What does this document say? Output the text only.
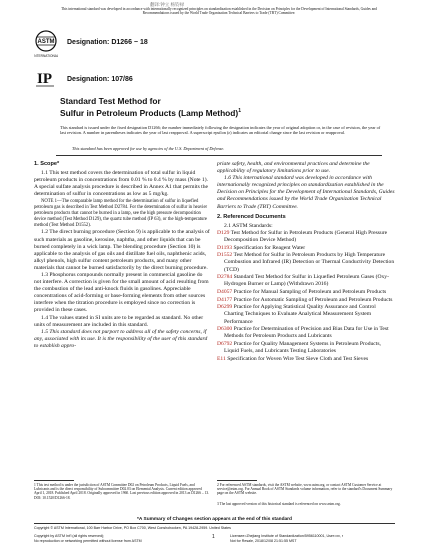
翻译:钟立 杨钧禄
This international standard was developed in accordance with internationally recognized principles on standardization established in the Decision on Principles for the Development of International Standards, Guides and Recommendations issued by the World Trade Organization Technical Barriers to Trade (TBT) Committee.
ASTM
INTERNATIONAL
Designation: D1266 − 18
IP Designation: 107/86
Standard Test Method for
Sulfur in Petroleum Products (Lamp Method)$^1$
This standard is issued under the fixed designation D1266; the number immediately following the designation indicates the year of original adoption or, in the case of revision, the year of last revision. A number in parentheses indicates the year of last reapproval. A superscript epsilon (ε) indicates an editorial change since the last revision or reapproval.
This standard has been approved for use by agencies of the U.S. Department of Defense.
1. Scope*

1.1 This test method covers the determination of total sulfur in liquid petroleum products in concentrations from 0.01 % to 0.4 % by mass (Note 1). A special sulfate analysis procedure is described in Annex A1 that permits the determination of sulfur in concentrations as low as 5 mg/kg.

NOTE 1—The comparable lamp method for the determination of sulfur in liquefied petroleum gas is described in Test Method D2784. For the determination of sulfur in heavier petroleum products that cannot be burned in a lamp, see the high pressure decomposition device method (Test Method D129), the quartz tube method (IP 63), or the high-temperature method (Test Method D1552).

1.2 The direct burning procedure (Section 9) is applicable to the analysis of such materials as gasoline, kerosine, naphtha, and other liquids that can be burned completely in a wick lamp. The blending procedure (Section 10) is applicable to the analysis of gas oils and distillate fuel oils, naphthenic acids, alkyl phenols, high sulfur content petroleum products, and many other materials that cannot be burned satisfactorily by the direct burning procedure.

1.3 Phosphorus compounds normally present in commercial gasoline do not interfere. A correction is given for the small amount of acid resulting from the combustion of the lead anti-knock fluids in gasolines. Appreciable concentrations of acid-forming or base-forming elements from other sources interfere when the titration procedure is employed since no correction is provided in these cases.

1.4 The values stated in SI units are to be regarded as standard. No other units of measurement are included in this standard.

1.5 This standard does not purport to address all of the safety concerns, if any, associated with its use. It is the responsibility of the user of this standard to establish appro-

priate safety, health, and environmental practices and determine the applicability of regulatory limitations prior to use.

1.6 This international standard was developed in accordance with internationally recognized principles on standardization established in the Decision on Principles for the Development of International Standards, Guides and Recommendations issued by the World Trade Organization Technical Barriers to Trade (TBT) Committee.

2. Referenced Documents

2.1 ASTM Standards:

D129 Test Method for Sulfur in Petroleum Products (General High Pressure Decomposition Device Method)

D1193 Specification for Reagent Water

D1552 Test Method for Sulfur in Petroleum Products by High Temperature Combustion and Infrared (IR) Detection or Thermal Conductivity Detection (TCD)

D2784 Standard Test Method for Sulfur in Liquefied Petroleum Gases (Oxy-Hydrogen Burner or Lamp) (Withdrawn 2016)

D4057 Practice for Manual Sampling of Petroleum and Petroleum Products

D4177 Practice for Automatic Sampling of Petroleum and Petroleum Products

D6299 Practice for Applying Statistical Quality Assurance and Control Charting Techniques to Evaluate Analytical Measurement System Performance

D6300 Practice for Determination of Precision and Bias Data for Use in Test Methods for Petroleum Products and Lubricants

D6792 Practice for Quality Management Systems in Petroleum Products, Liquid Fuels, and Lubricants Testing Laboratories

E11 Specification for Woven Wire Test Sieve Cloth and Test Sieves

1 This test method is under the jurisdiction of ASTM Committee D02 on Petroleum Products, Liquid Fuels, and Lubricants and is the direct responsibility of Subcommittee D02.03 on Elemental Analysis. Current edition approved April 1, 2018. Published April 2018. Originally approved in 1960. Last previous edition approved in 2013 as D1266 – 13. DOI: 10.1520/D1266-18.
2 For referenced ASTM standards, visit the ASTM website, www.astm.org, or contact ASTM Customer Service at service@astm.org. For Annual Book of ASTM Standards volume information, refer to the standard's Document Summary page on the ASTM website.
3 The last approved version of this historical standard is referenced on www.astm.org.
*A Summary of Changes section appears at the end of this standard
Copyright © ASTM International, 100 Barr Harbor Drive, PO Box C700, West Conshohocken, PA 19428-2959. United States
Copyright by ASTM Int'l (all rights reserved);
No reproduction or networking permitted without license from ASTM
1	Licensee=Zhejiang Institute of Standardization/5956110001, User=xx, r
Not for Resale, 2018/12/08 21:51:55 MST
